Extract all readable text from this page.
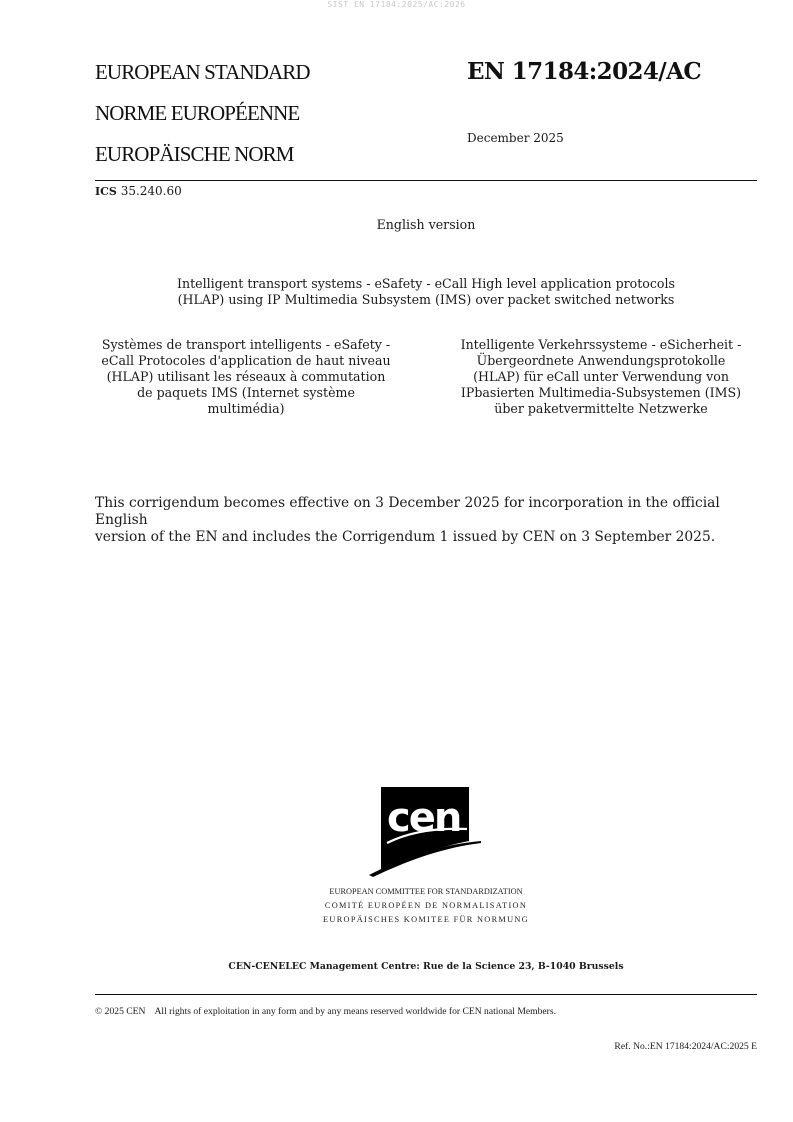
SIST EN 17184:2025/AC:2026
EUROPEAN STANDARD
NORME EUROPÉENNE
EUROPÄISCHE NORM
EN 17184:2024/AC
December 2025
ICS 35.240.60
English version
Intelligent transport systems - eSafety - eCall High level application protocols
(HLAP) using IP Multimedia Subsystem (IMS) over packet switched networks
Systèmes de transport intelligents - eSafety -
eCall Protocoles d'application de haut niveau
(HLAP) utilisant les réseaux à commutation
de paquets IMS (Internet système
multimédia)
Intelligente Verkehrssysteme - eSicherheit -
Übergeordnete Anwendungsprotokolle
(HLAP) für eCall unter Verwendung von
IPbasierten Multimedia-Subsystemen (IMS)
über paketvermittelte Netzwerke
This corrigendum becomes effective on 3 December 2025 for incorporation in the official English
version of the EN and includes the Corrigendum 1 issued by CEN on 3 September 2025.
cen
EUROPEAN COMMITTEE FOR STANDARDIZATION
COMITÉ EUROPÉEN DE NORMALISATION
EUROPÄISCHES KOMITEE FÜR NORMUNG
CEN-CENELEC Management Centre: Rue de la Science 23, B-1040 Brussels
© 2025 CEN All rights of exploitation in any form and by any means reserved worldwide for CEN national Members.
Ref. No.:EN 17184:2024/AC:2025 E
